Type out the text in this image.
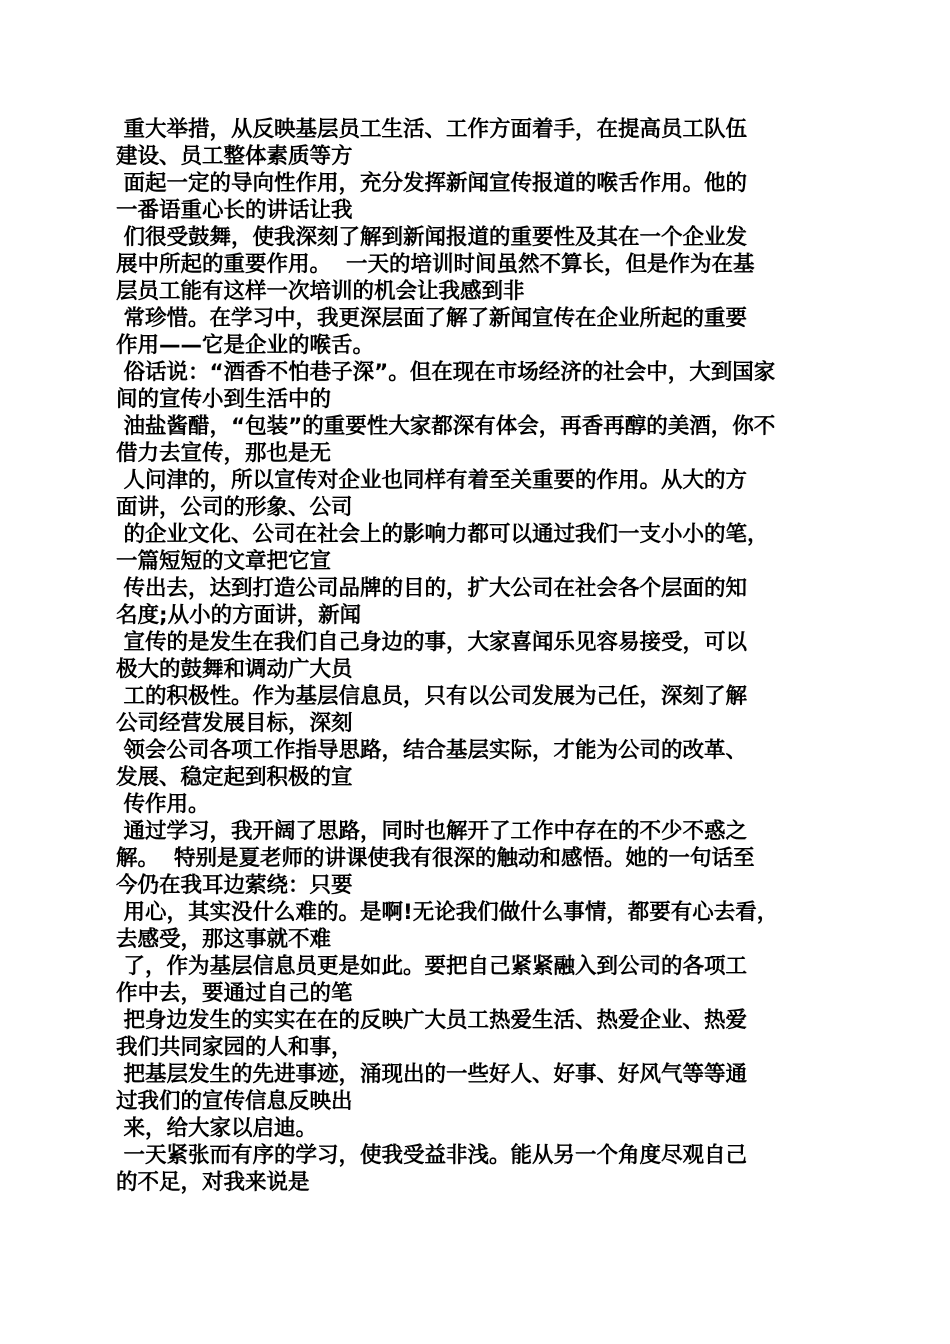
重大举措，从反映基层员工生活、工作方面着手，在提高员工队伍
建设、员工整体素质等方
面起一定的导向性作用，充分发挥新闻宣传报道的喉舌作用。他的
一番语重心长的讲话让我
们很受鼓舞，使我深刻了解到新闻报道的重要性及其在一个企业发
展中所起的重要作用。  一天的培训时间虽然不算长，但是作为在基
层员工能有这样一次培训的机会让我感到非
常珍惜。在学习中，我更深层面了解了新闻宣传在企业所起的重要
作用——它是企业的喉舌。
俗话说：“酒香不怕巷子深”。但在现在市场经济的社会中，大到国家
间的宣传小到生活中的
油盐酱醋，“包装”的重要性大家都深有体会，再香再醇的美酒，你不
借力去宣传，那也是无
人问津的，所以宣传对企业也同样有着至关重要的作用。从大的方
面讲，公司的形象、公司
的企业文化、公司在社会上的影响力都可以通过我们一支小小的笔，
一篇短短的文章把它宣
传出去，达到打造公司品牌的目的，扩大公司在社会各个层面的知
名度;从小的方面讲，新闻
宣传的是发生在我们自己身边的事，大家喜闻乐见容易接受，可以
极大的鼓舞和调动广大员
工的积极性。作为基层信息员，只有以公司发展为己任，深刻了解
公司经营发展目标，深刻
领会公司各项工作指导思路，结合基层实际，才能为公司的改革、
发展、稳定起到积极的宣
传作用。
通过学习，我开阔了思路，同时也解开了工作中存在的不少不惑之
解。  特别是夏老师的讲课使我有很深的触动和感悟。她的一句话至
今仍在我耳边萦绕：只要
用心，其实没什么难的。是啊!无论我们做什么事情，都要有心去看，
去感受，那这事就不难
了，作为基层信息员更是如此。要把自己紧紧融入到公司的各项工
作中去，要通过自己的笔
把身边发生的实实在在的反映广大员工热爱生活、热爱企业、热爱
我们共同家园的人和事，
把基层发生的先进事迹，涌现出的一些好人、好事、好风气等等通
过我们的宣传信息反映出
来，给大家以启迪。
一天紧张而有序的学习，使我受益非浅。能从另一个角度尽观自己
的不足，对我来说是
